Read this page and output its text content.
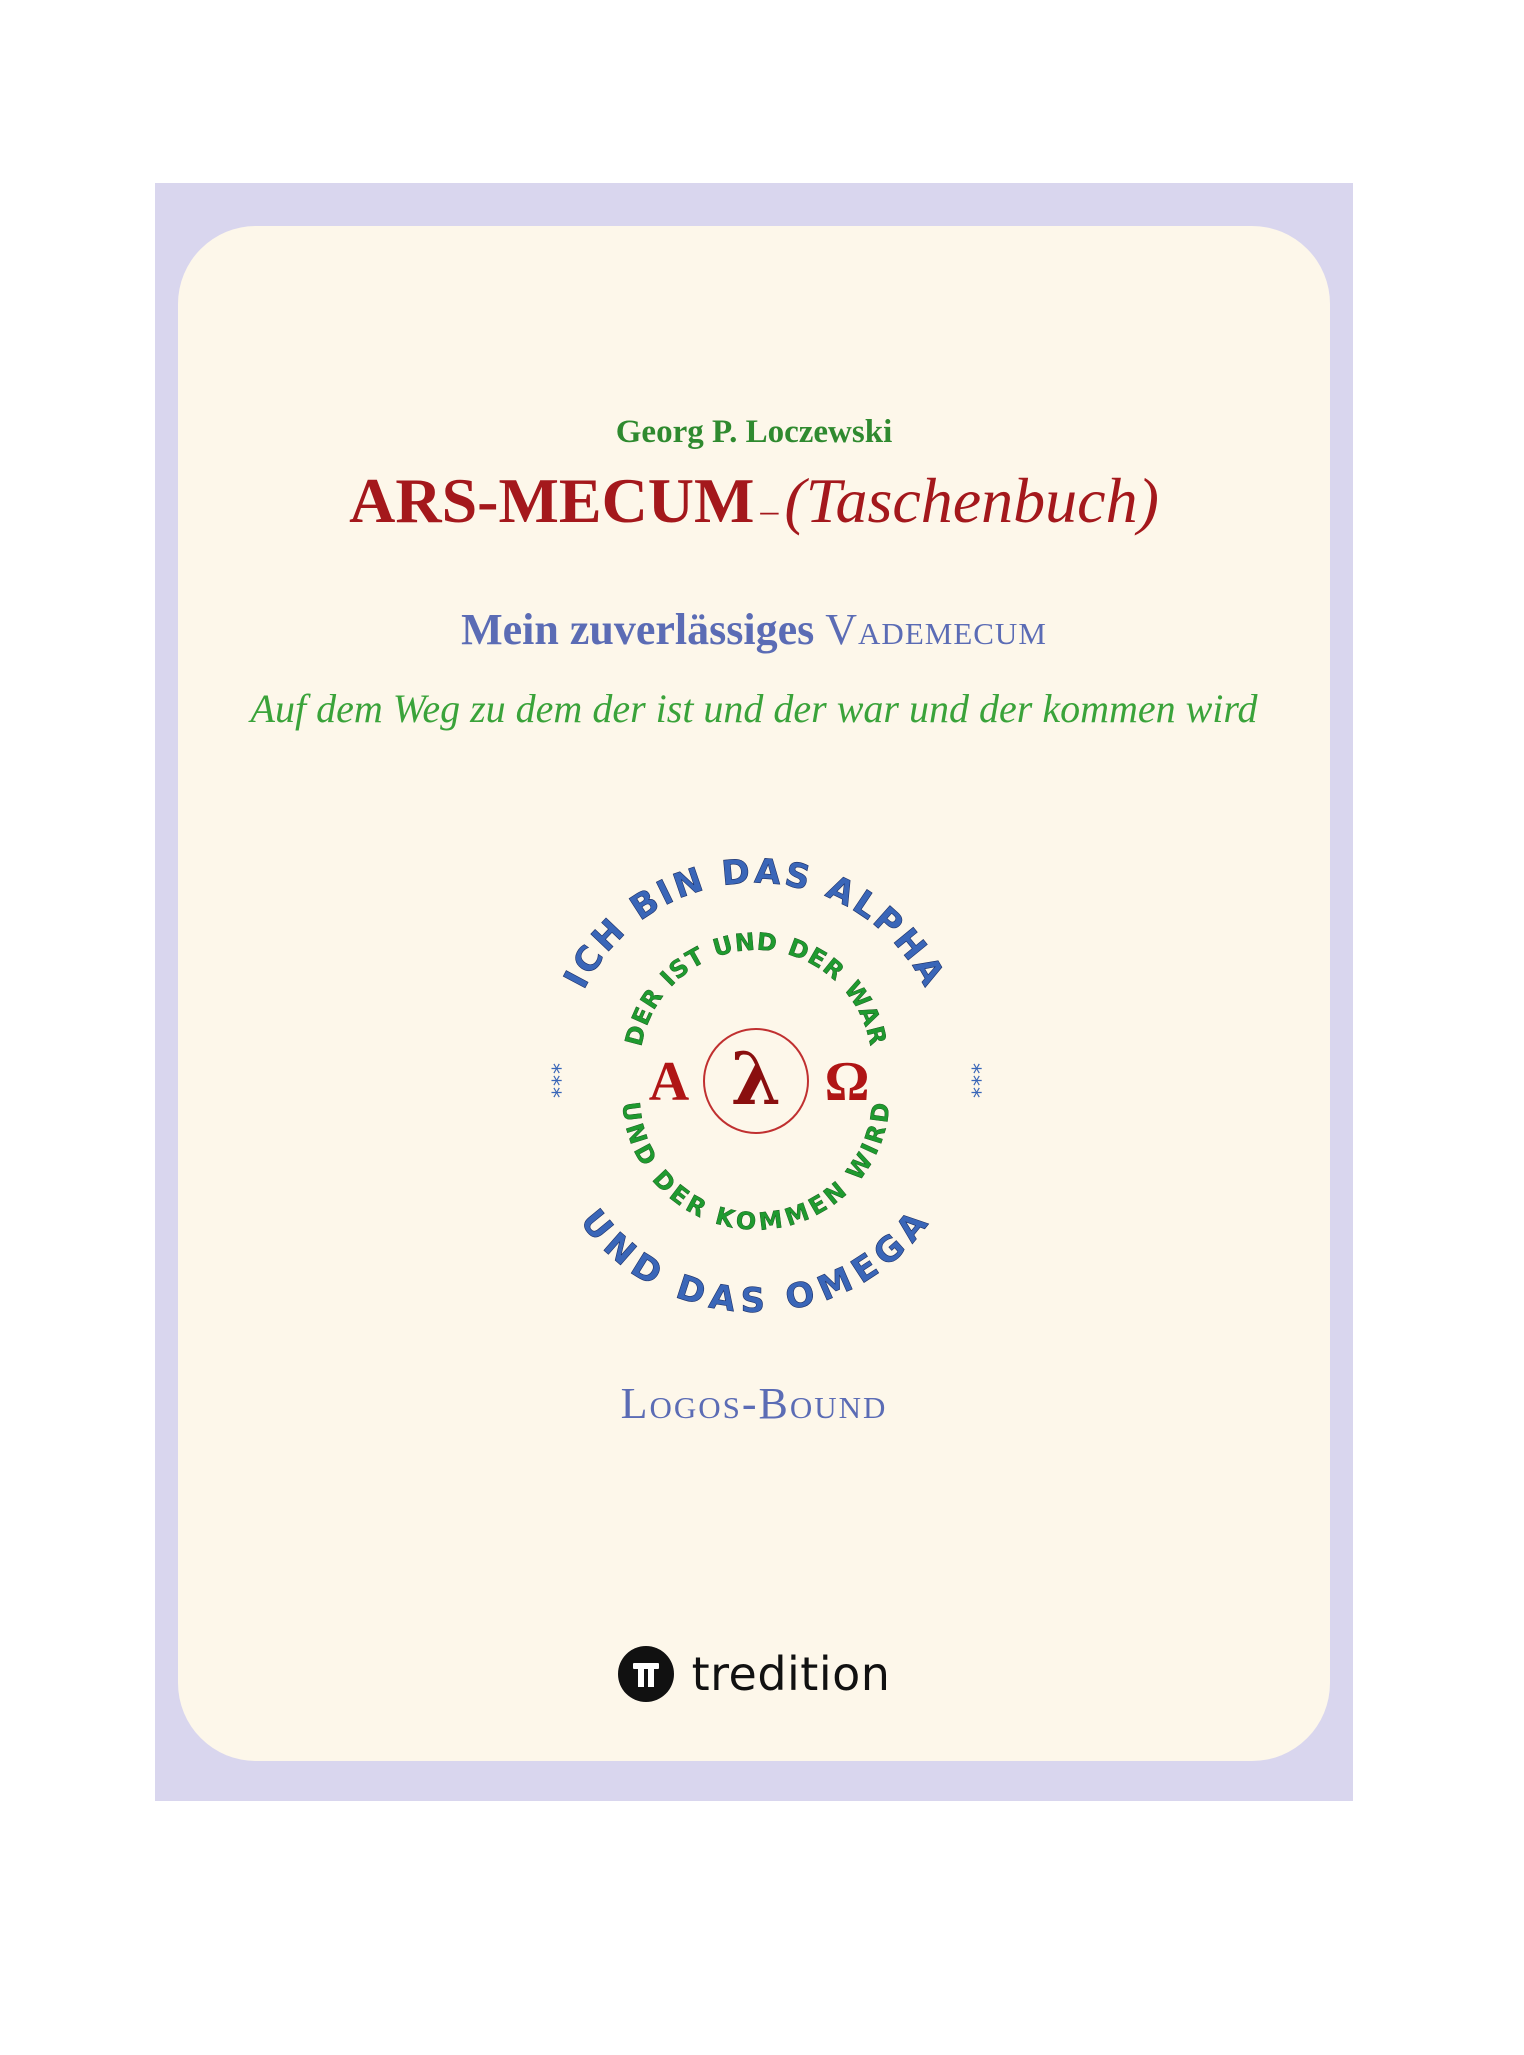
Georg P. Loczewski

ARS-MECUM –(Taschenbuch)

Mein zuverlässiges Vademecum

Auf dem Weg zu dem der ist und der war und der kommen wird

ICH BIN DAS ALPHA
UND DAS OMEGA
DER IST UND DER WAR
UND DER KOMMEN WIRD
Α λ Ω
***	***

Logos-Bound

tredition
